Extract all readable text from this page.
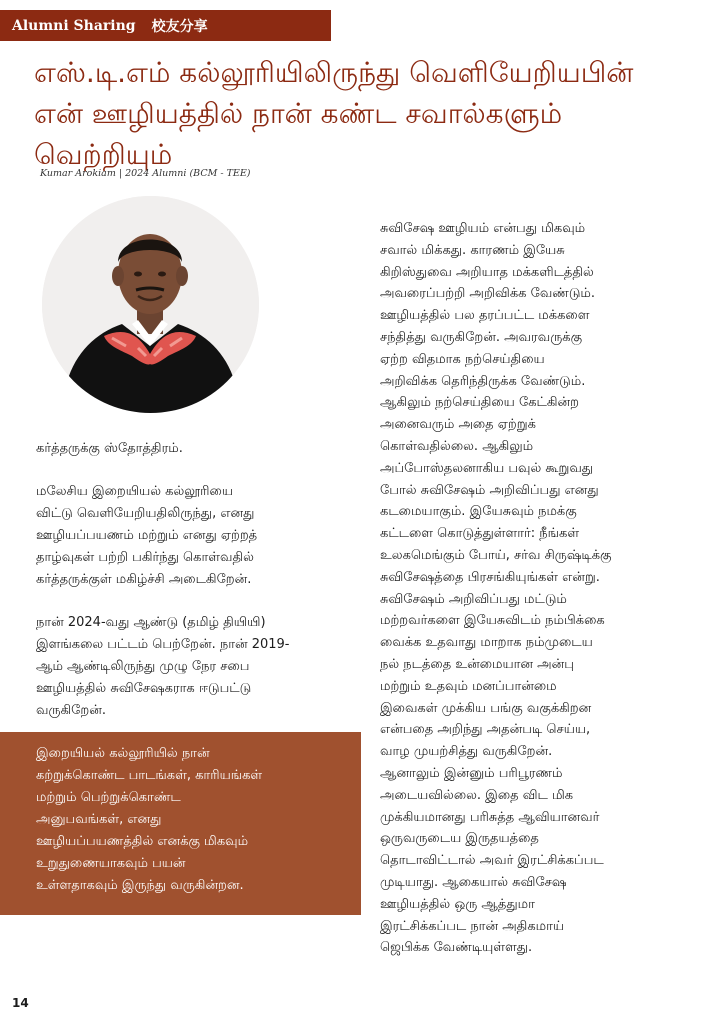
Alumni Sharing 校友分享
எஸ்.டி.எம் கல்லூரியிலிருந்து வெளியேறியபின்
என் ஊழியத்தில் நான் கண்ட சவால்களும்
வெற்றியும்
Kumar Arokiam | 2024 Alumni (BCM - TEE)

கர்த்தருக்கு ஸ்தோத்திரம்.

மலேசிய இறையியல் கல்லூரியை
விட்டு வெளியேறியதிலிருந்து, எனது
ஊழியப்பயணம் மற்றும் எனது ஏற்றத்
தாழ்வுகள் பற்றி பகிர்ந்து கொள்வதில்
கர்த்தருக்குள் மகிழ்ச்சி அடைகிறேன்.

நான் 2024-வது ஆண்டு (தமிழ் தியியி)
இளங்கலை பட்டம் பெற்றேன். நான் 2019-
ஆம் ஆண்டிலிருந்து முழு நேர சபை
ஊழியத்தில் சுவிசேஷகராக ஈடுபட்டு
வருகிறேன்.

இறையியல் கல்லூரியில் நான்
கற்றுக்கொண்ட பாடங்கள், காரியங்கள்
மற்றும் பெற்றுக்கொண்ட
அனுபவங்கள், எனது
ஊழியப்பயணத்தில் எனக்கு மிகவும்
உறுதுணையாகவும் பயன்
உள்ளதாகவும் இருந்து வருகின்றன.

சுவிசேஷ ஊழியம் என்பது மிகவும்
சவால் மிக்கது. காரணம் இயேசு
கிறிஸ்துவை அறியாத மக்களிடத்தில்
அவரைப்பற்றி அறிவிக்க வேண்டும்.
ஊழியத்தில் பல தரப்பட்ட மக்களை
சந்தித்து வருகிறேன். அவரவருக்கு
ஏற்ற விதமாக நற்செய்தியை
அறிவிக்க தெரிந்திருக்க வேண்டும்.
ஆகிலும் நற்செய்தியை கேட்கின்ற
அனைவரும் அதை ஏற்றுக்
கொள்வதில்லை. ஆகிலும்
அப்போஸ்தலனாகிய பவுல் கூறுவது
போல் சுவிசேஷம் அறிவிப்பது எனது
கடமையாகும். இயேசுவும் நமக்கு
கட்டளை கொடுத்துள்ளார்: நீங்கள்
உலகமெங்கும் போய், சர்வ சிருஷ்டிக்கு
சுவிசேஷத்தை பிரசங்கியுங்கள் என்று.
சுவிசேஷம் அறிவிப்பது மட்டும்
மற்றவர்களை இயேசுவிடம் நம்பிக்கை
வைக்க உதவாது மாறாக நம்முடைய
நல் நடத்தை உன்மையான அன்பு
மற்றும் உதவும் மனப்பான்மை
இவைகள் முக்கிய பங்கு வகுக்கிறன
என்பதை அறிந்து அதன்படி செய்ய,
வாழ முயற்சித்து வருகிறேன்.
ஆனாலும் இன்னும் பரிபூரணம்
அடையவில்லை. இதை விட மிக
முக்கியமானது பரிசுத்த ஆவியானவர்
ஒருவருடைய இருதயத்தை
தொடாவிட்டால் அவர் இரட்சிக்கப்பட
முடியாது. ஆகையால் சுவிசேஷ
ஊழியத்தில் ஒரு ஆத்துமா
இரட்சிக்கப்பட நான் அதிகமாய்
ஜெபிக்க வேண்டியுள்ளது.

14
